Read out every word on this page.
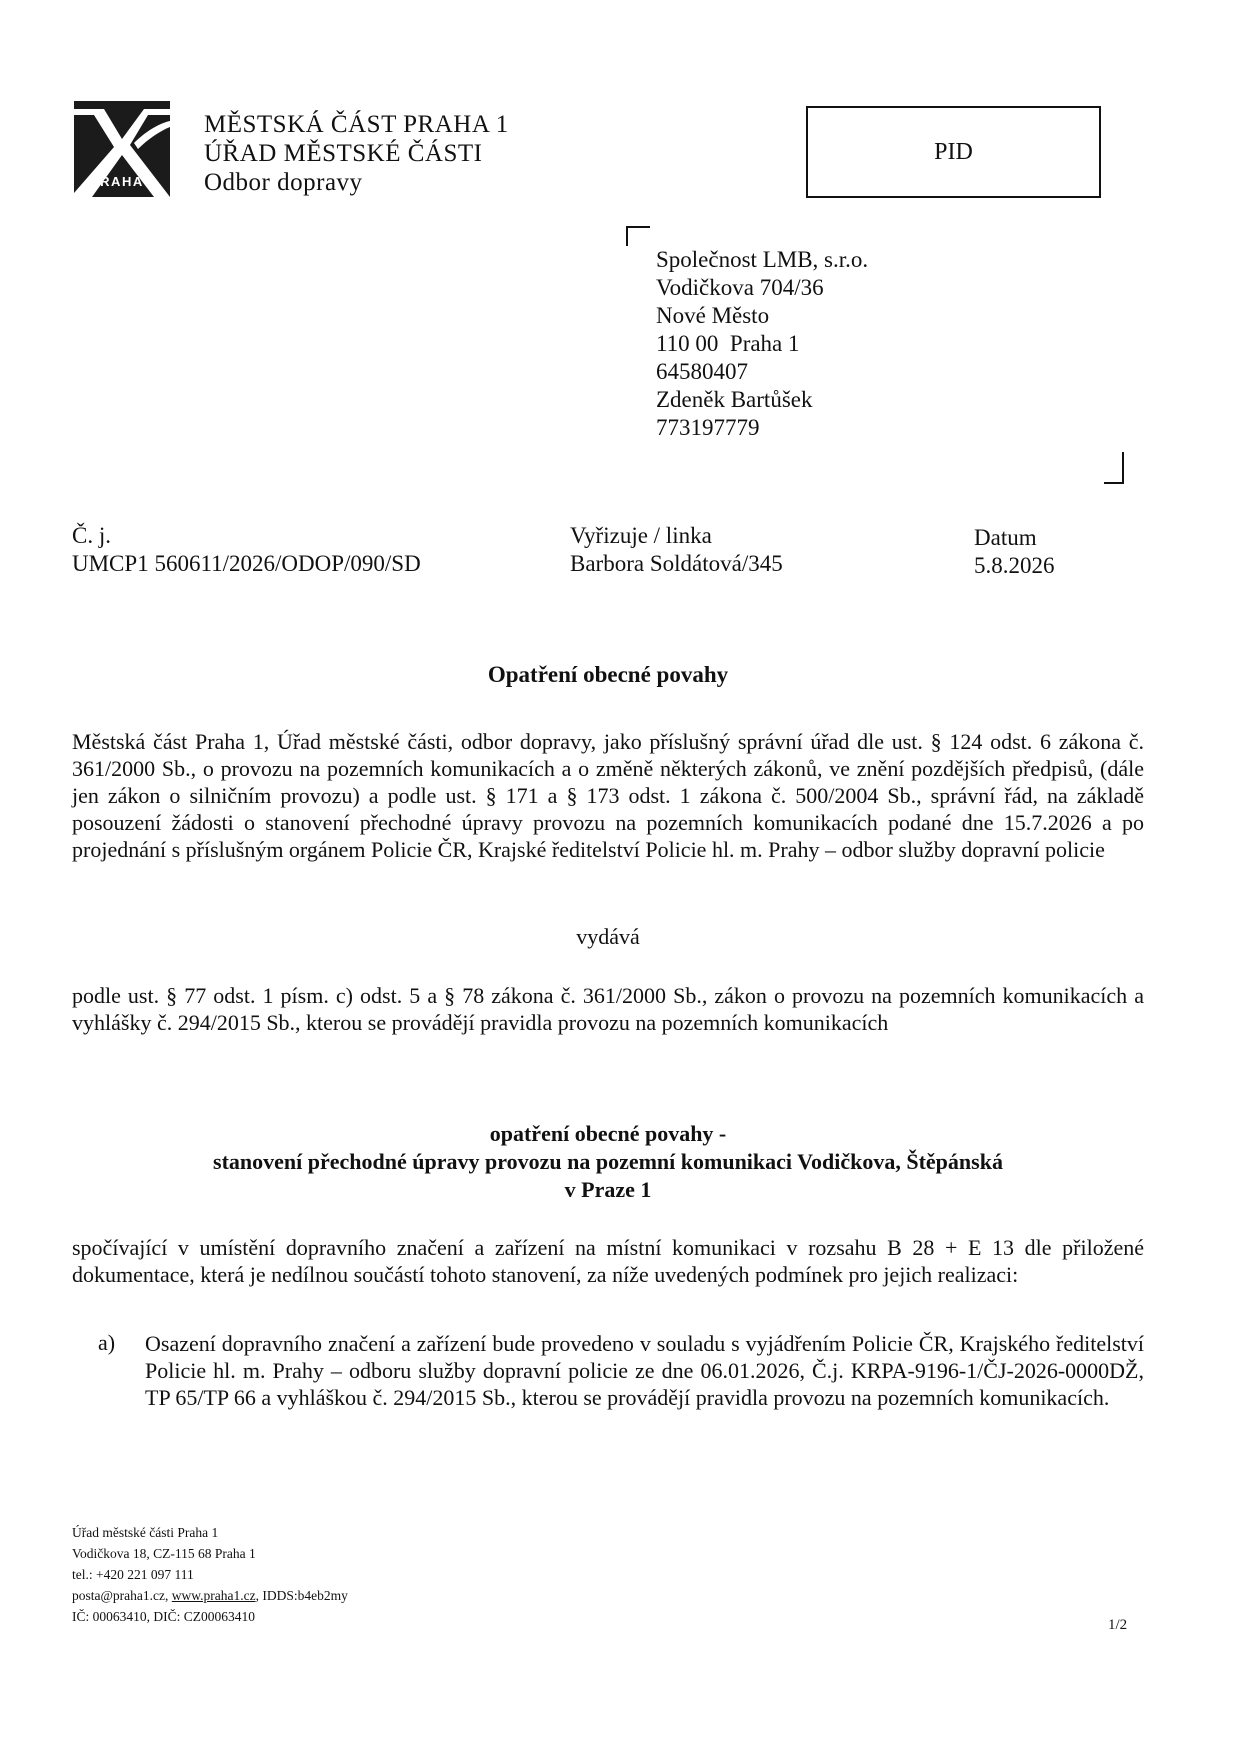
PRAHA 1
MĚSTSKÁ ČÁST PRAHA 1
ÚŘAD MĚSTSKÉ ČÁSTI
Odbor dopravy
PID
Společnost LMB, s.r.o.
Vodičkova 704/36
Nové Město
110 00  Praha 1
64580407
Zdeněk Bartůšek
773197779
Č. j.
UMCP1 560611/2026/ODOP/090/SD
Vyřizuje / linka
Barbora Soldátová/345
Datum
5.8.2026
Opatření obecné povahy
Městská část Praha 1, Úřad městské části, odbor dopravy, jako příslušný správní úřad dle ust. § 124 odst. 6 zákona č. 361/2000 Sb., o provozu na pozemních komunikacích a o změně některých zákonů, ve znění pozdějších předpisů, (dále jen zákon o silničním provozu) a podle ust. § 171 a § 173 odst. 1 zákona č. 500/2004 Sb., správní řád, na základě posouzení žádosti o stanovení přechodné úpravy provozu na pozemních komunikacích podané dne 15.7.2026 a po projednání s příslušným orgánem Policie ČR, Krajské ředitelství Policie hl. m. Prahy – odbor služby dopravní policie
vydává
podle ust. § 77 odst. 1 písm. c) odst. 5 a § 78 zákona č. 361/2000 Sb., zákon o provozu na pozemních komunikacích a vyhlášky č. 294/2015 Sb., kterou se provádějí pravidla provozu na pozemních komunikacích
opatření obecné povahy -
stanovení přechodné úpravy provozu na pozemní komunikaci Vodičkova, Štěpánská
v Praze 1
spočívající v umístění dopravního značení a zařízení na místní komunikaci v rozsahu B 28 + E 13 dle přiložené dokumentace, která je nedílnou součástí tohoto stanovení, za níže uvedených podmínek pro jejich realizaci:
a) Osazení dopravního značení a zařízení bude provedeno v souladu s vyjádřením Policie ČR, Krajského ředitelství Policie hl. m. Prahy – odboru služby dopravní policie ze dne 06.01.2026, Č.j. KRPA-9196-1/ČJ-2026-0000DŽ, TP 65/TP 66 a vyhláškou č. 294/2015 Sb., kterou se provádějí pravidla provozu na pozemních komunikacích.
Úřad městské části Praha 1
Vodičkova 18, CZ-115 68 Praha 1
tel.: +420 221 097 111
posta@praha1.cz, www.praha1.cz, IDDS:b4eb2my
IČ: 00063410, DIČ: CZ00063410
1/2
